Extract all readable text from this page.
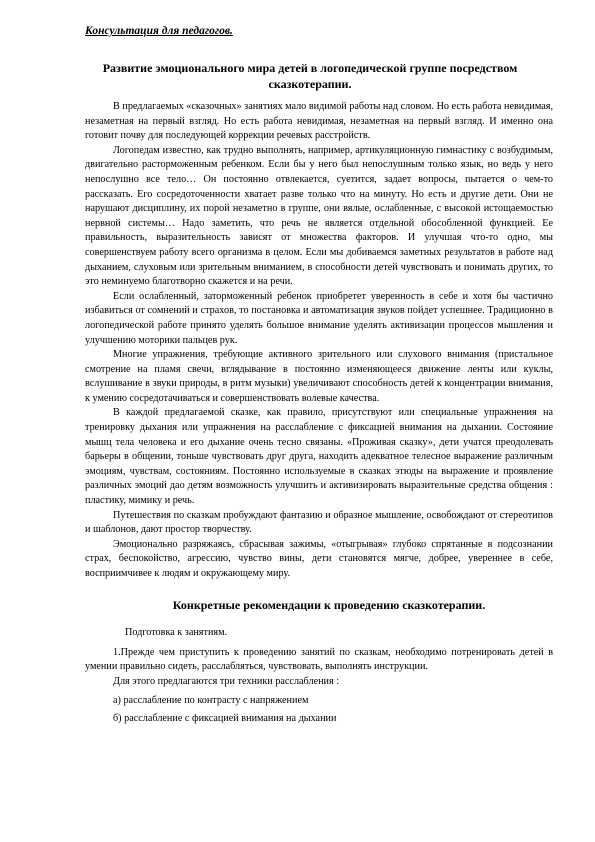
Консультация для педагогов.
Развитие эмоционального мира детей в логопедической группе посредством сказкотерапии.

В предлагаемых «сказочных» занятиях мало видимой работы над словом. Но есть работа невидимая, незаметная на первый взгляд. Но есть работа невидимая, незаметная на первый взгляд. И именно она готовит почву для последующей коррекции речевых расстройств.

Логопедам известно, как трудно выполнять, например, артикуляционную гимнастику с возбудимым, двигательно расторможенным ребенком. Если бы у него был непослушным только язык, но ведь у него непослушно все тело… Он постоянно отвлекается, суетится, задает вопросы, пытается о чем-то рассказать. Его сосредоточенности хватает разве только что на минуту. Но есть и другие дети. Они не нарушают дисциплину, их порой незаметно в группе, они вялые, ослабленные, с высокой истощаемостью нервной системы… Надо заметить, что речь не является отдельной обособленной функцией. Ее правильность, выразительность зависят от множества факторов. И улучшая что-то одно, мы совершенствуем работу всего организма в целом. Если мы добиваемся заметных результатов в работе над дыханием, слуховым или зрительным вниманием, в способности детей чувствовать и понимать других, то это неминуемо благотворно скажется и на речи.

Если ослабленный, заторможенный ребенок приобретет уверенность в себе и хотя бы частично избавиться от сомнений и страхов, то постановка и автоматизация звуков пойдет успешнее. Традиционно в логопедической работе принято уделять большое внимание уделять активизации процессов мышления и улучшению моторики пальцев рук.

Многие упражнения, требующие активного зрительного или слухового внимания (пристальное смотрение на пламя свечи, вглядывание в постоянно изменяющееся движение ленты или куклы, вслушивание в звуки природы, в ритм музыки) увеличивают способность детей к концентрации внимания, к умению сосредотачиваться и совершенствовать волевые качества.

В каждой предлагаемой сказке, как правило, присутствуют или специальные упражнения на тренировку дыхания или упражнения на расслабление с фиксацией внимания на дыхании. Состояние мышц тела человека и его дыхание очень тесно связаны. «Проживая сказку», дети учатся преодолевать барьеры в общении, тоньше чувствовать друг друга, находить адекватное телесное выражение различным эмоциям, чувствам, состояниям. Постоянно используемые в сказках этюды на выражение и проявление различных эмоций дао детям возможность улучшить и активизировать выразительные средства общения : пластику, мимику и речь.

Путешествия по сказкам пробуждают фантазию и образное мышление, освобождают от стереотипов и шаблонов, дают простор творчеству.

Эмоционально разряжаясь, сбрасывая зажимы, «отыгрывая» глубоко спрятанные в подсознании страх, беспокойство, агрессию, чувство вины, дети становятся мягче, добрее, увереннее в себе, восприимчивее к людям и окружающему миру.

Конкретные рекомендации к проведению сказкотерапии.
Подготовка к занятиям.

1.Прежде чем приступить к проведению занятий по сказкам, необходимо потренировать детей в умении правильно сидеть, расслабляться, чувствовать, выполнять инструкции.

Для этого предлагаются три техники расслабления :
а) расслабление по контрасту с напряжением
б) расслабление с фиксацией внимания на дыхании
